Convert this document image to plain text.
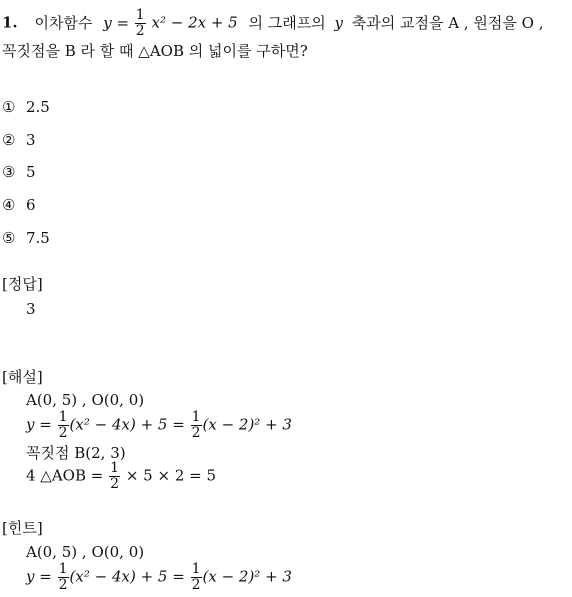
1. 이차함수 $y = \frac{1}{2} x^2 - 2x + 5$ 의 그래프의 y 축과의 교점을 A , 원점을 O ,
꼭짓점을 B 라 할 때 △AOB 의 넓이를 구하면?
① 2.5
② 3
③ 5
④ 6
⑤ 7.5
[정답]
3
[해설]
A(0, 5) , O(0, 0)
$y = \frac{1}{2} (x^2 - 4x) + 5 = \frac{1}{2} (x - 2)^2 + 3$
꼭짓점 B(2, 3)
4 △AOB = $\frac{1}{2} \times 5 \times 2 = 5$
[힌트]
A(0, 5) , O(0, 0)
$y = \frac{1}{2} (x^2 - 4x) + 5 = \frac{1}{2} (x - 2)^2 + 3$
